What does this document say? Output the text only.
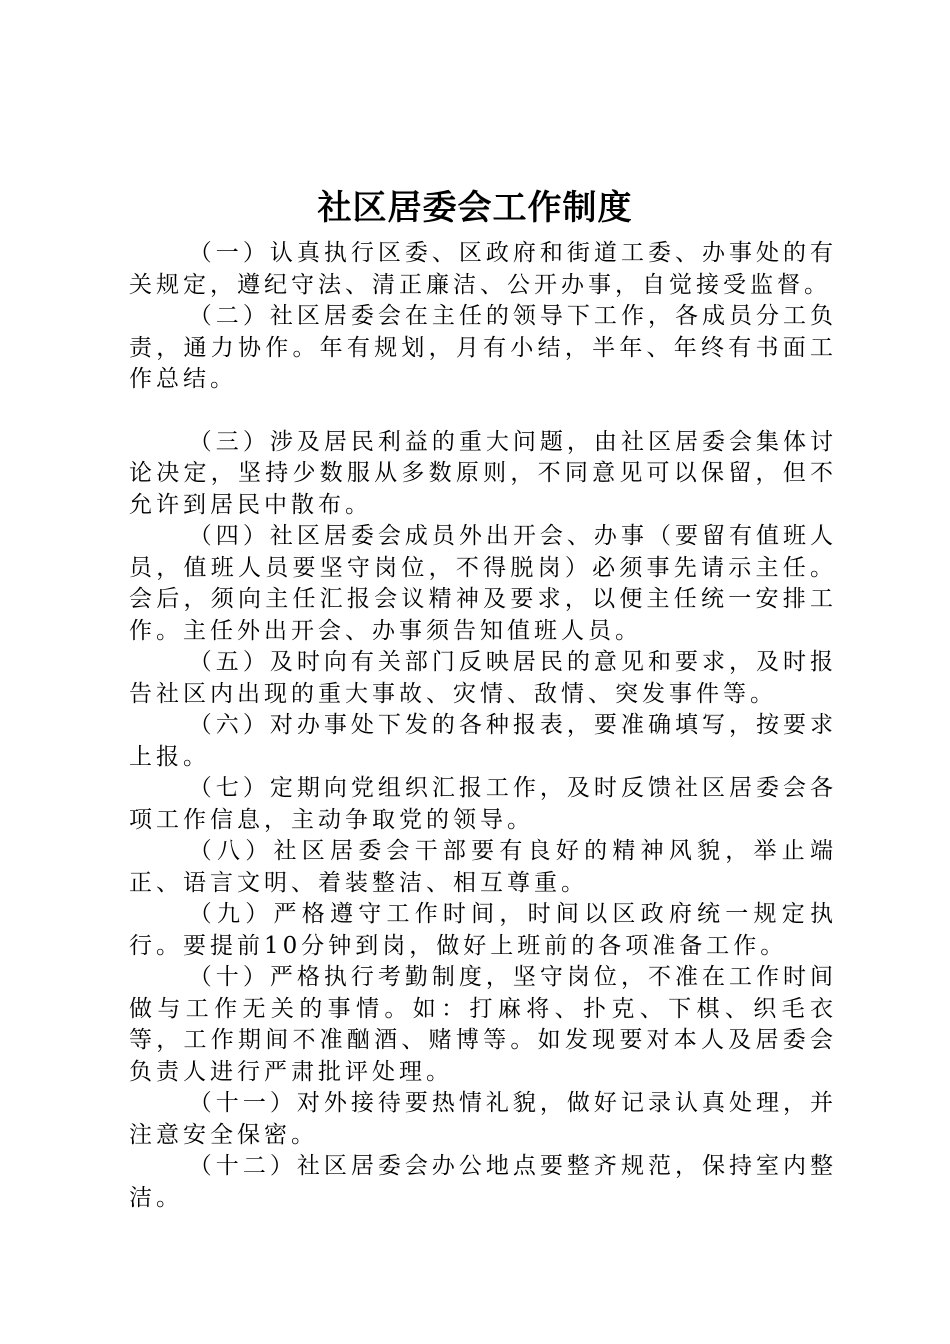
社区居委会工作制度

（一）认真执行区委、区政府和街道工委、办事处的有关规定，遵纪守法、清正廉洁、公开办事，自觉接受监督。

（二）社区居委会在主任的领导下工作，各成员分工负责，通力协作。年有规划，月有小结，半年、年终有书面工作总结。

（三）涉及居民利益的重大问题，由社区居委会集体讨论决定，坚持少数服从多数原则，不同意见可以保留，但不允许到居民中散布。

（四）社区居委会成员外出开会、办事（要留有值班人员，值班人员要坚守岗位，不得脱岗）必须事先请示主任。会后，须向主任汇报会议精神及要求，以便主任统一安排工作。主任外出开会、办事须告知值班人员。

（五）及时向有关部门反映居民的意见和要求，及时报告社区内出现的重大事故、灾情、敌情、突发事件等。

（六）对办事处下发的各种报表，要准确填写，按要求上报。

（七）定期向党组织汇报工作，及时反馈社区居委会各项工作信息，主动争取党的领导。

（八）社区居委会干部要有良好的精神风貌，举止端正、语言文明、着装整洁、相互尊重。

（九）严格遵守工作时间，时间以区政府统一规定执行。要提前10分钟到岗，做好上班前的各项准备工作。

（十）严格执行考勤制度，坚守岗位，不准在工作时间做与工作无关的事情。如：打麻将、扑克、下棋、织毛衣等，工作期间不准酗酒、赌博等。如发现要对本人及居委会负责人进行严肃批评处理。

（十一）对外接待要热情礼貌，做好记录认真处理，并注意安全保密。

（十二）社区居委会办公地点要整齐规范，保持室内整洁。
